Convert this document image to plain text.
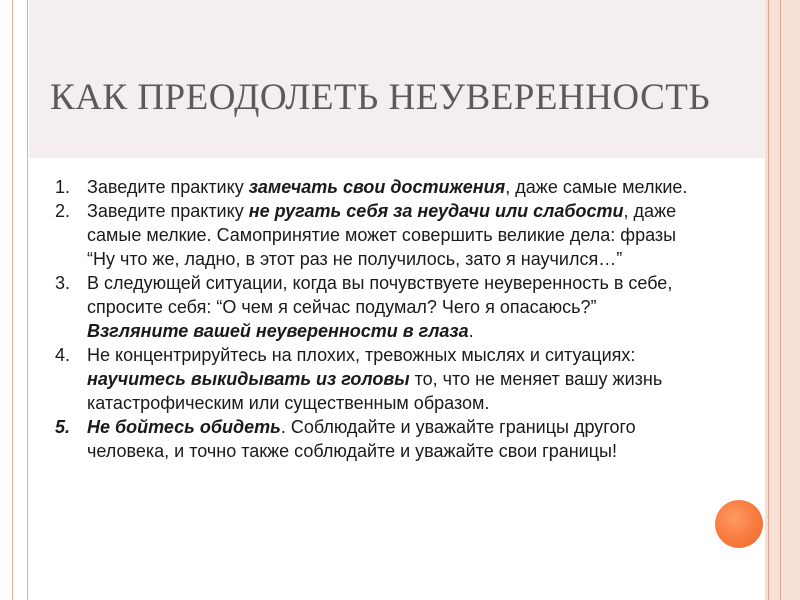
КАК ПРЕОДОЛЕТЬ НЕУВЕРЕННОСТЬ
1. Заведите практику замечать свои достижения, даже самые мелкие.
2. Заведите практику не ругать себя за неудачи или слабости, даже самые мелкие. Самопринятие может совершить великие дела: фразы “Ну что же, ладно, в этот раз не получилось, зато я научился…”
3. В следующей ситуации, когда вы почувствуете неуверенность в себе, спросите себя: “О чем я сейчас подумал? Чего я опасаюсь?” Взгляните вашей неуверенности в глаза.
4. Не концентрируйтесь на плохих, тревожных мыслях и ситуациях: научитесь выкидывать из головы то, что не меняет вашу жизнь катастрофическим или существенным образом.
5. Не бойтесь обидеть. Соблюдайте и уважайте границы другого человека, и точно также соблюдайте и уважайте свои границы!
